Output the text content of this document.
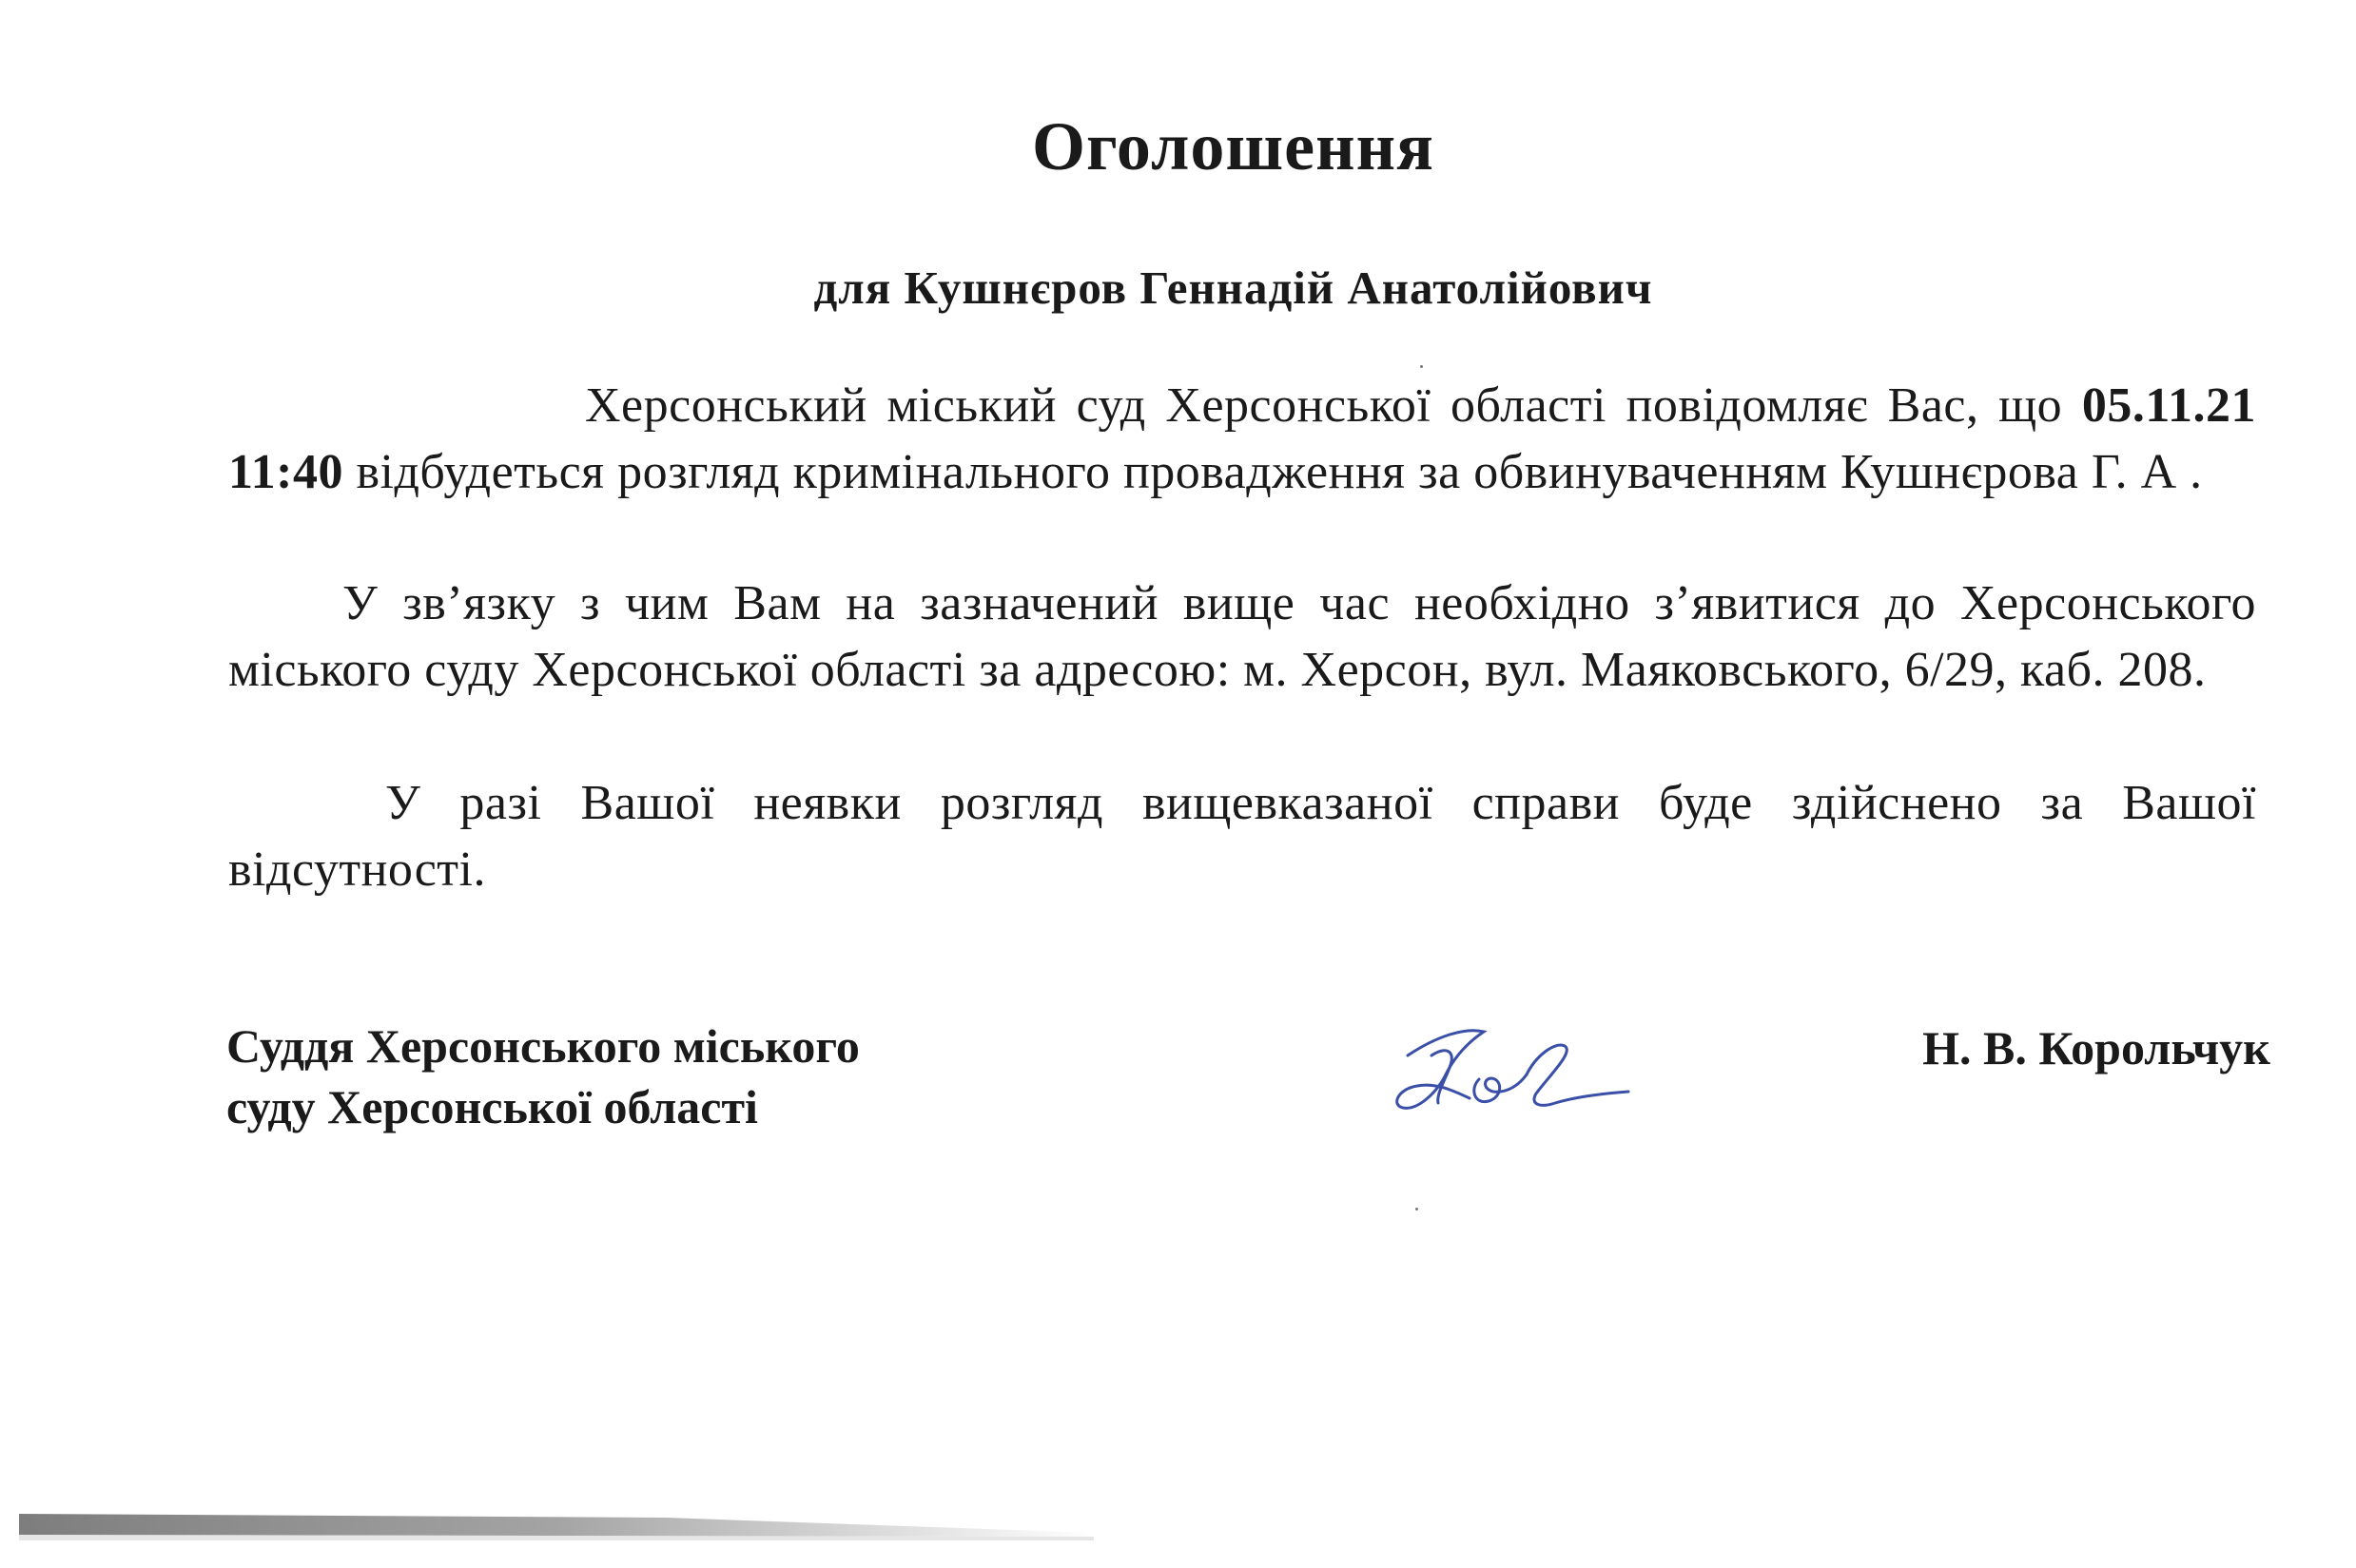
Оголошення
для Кушнєров Геннадій Анатолійович
Херсонський міський суд Херсонської області повідомляє Вас, що 05.11.21 11:40 відбудеться розгляд кримінального провадження за обвинуваченням Кушнєрова Г. А .
У зв’язку з чим Вам на зазначений вище час необхідно з’явитися до Херсонського міського суду Херсонської області за адресою: м. Херсон, вул. Маяковського, 6/29, каб. 208.
У разі Вашої неявки розгляд вищевказаної справи буде здійснено за Вашої відсутності.
Суддя Херсонського міського
суду Херсонської області
Н. В. Корольчук
